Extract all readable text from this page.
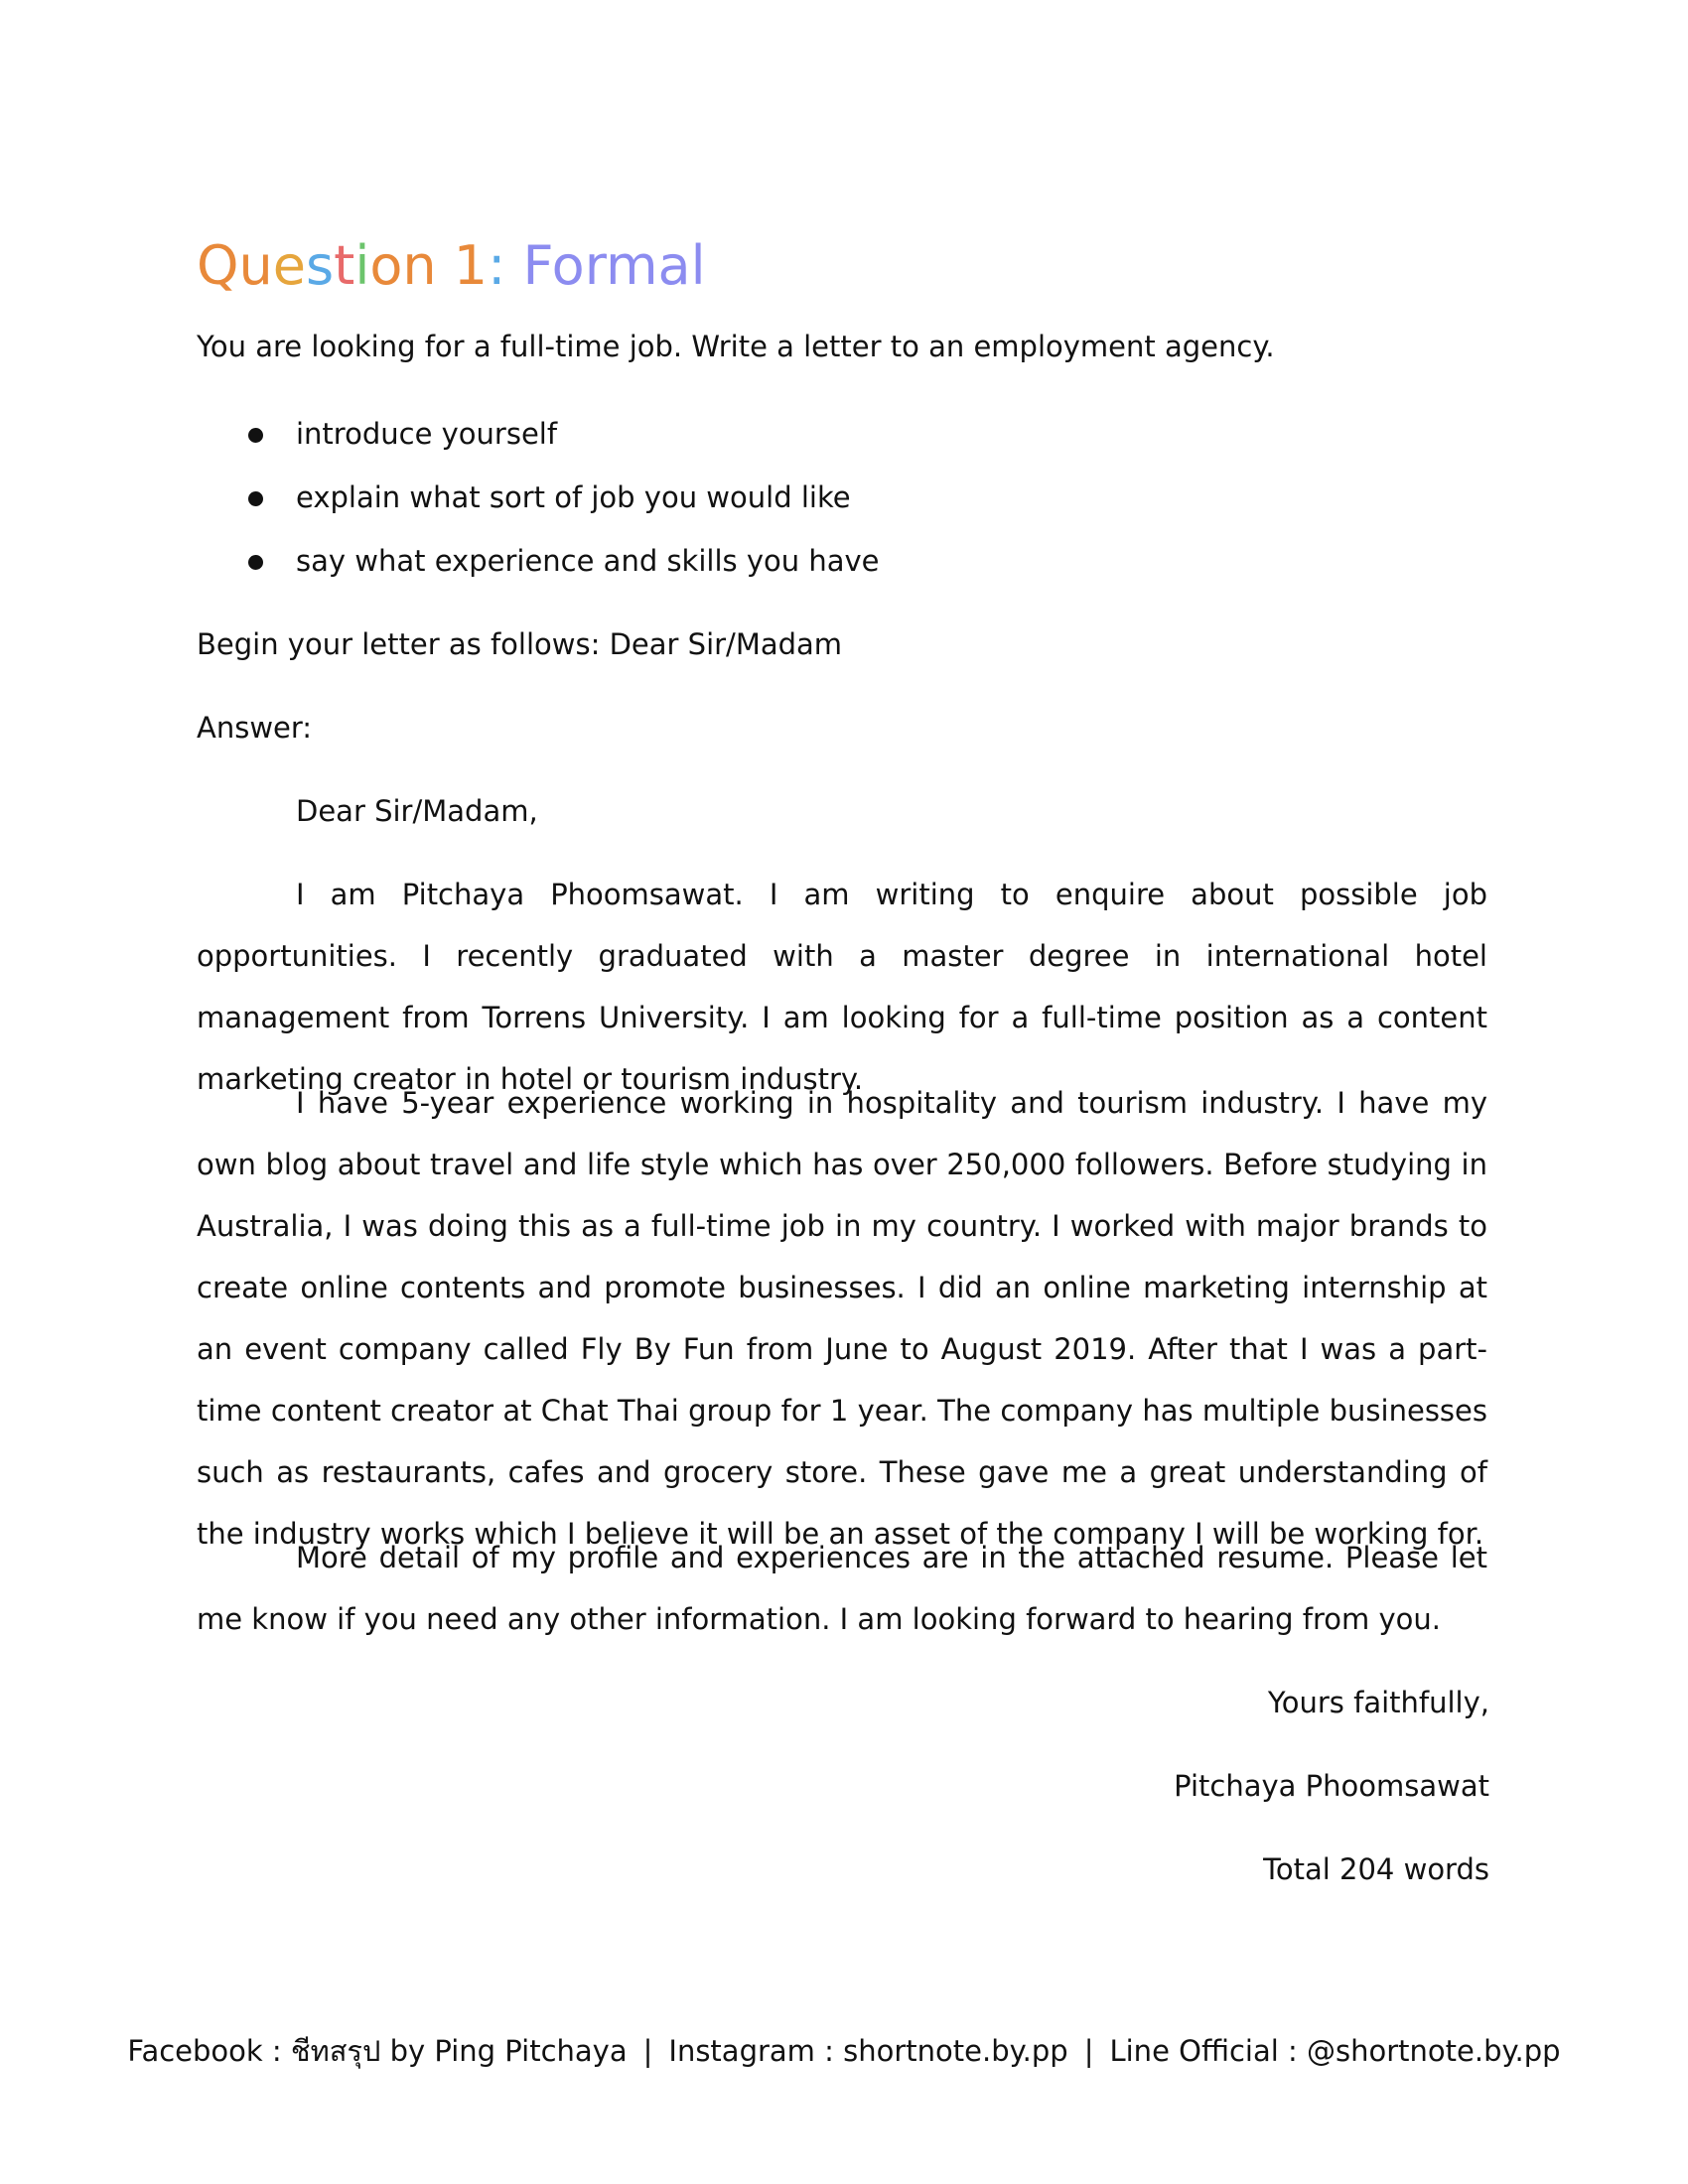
Question 1: Formal
You are looking for a full-time job. Write a letter to an employment agency.
introduce yourself
explain what sort of job you would like
say what experience and skills you have
Begin your letter as follows: Dear Sir/Madam
Answer:
Dear Sir/Madam,

I am Pitchaya Phoomsawat. I am writing to enquire about possible job opportunities. I recently graduated with a master degree in international hotel management from Torrens University. I am looking for a full-time position as a content marketing creator in hotel or tourism industry.

I have 5-year experience working in hospitality and tourism industry. I have my own blog about travel and life style which has over 250,000 followers. Before studying in Australia, I was doing this as a full-time job in my country. I worked with major brands to create online contents and promote businesses. I did an online marketing internship at an event company called Fly By Fun from June to August 2019. After that I was a part-time content creator at Chat Thai group for 1 year. The company has multiple businesses such as restaurants, cafes and grocery store. These gave me a great understanding of the industry works which I believe it will be an asset of the company I will be working for.

More detail of my profile and experiences are in the attached resume. Please let me know if you need any other information. I am looking forward to hearing from you.

Yours faithfully,
Pitchaya Phoomsawat
Total 204 words
Facebook : ชีทสรุป by Ping Pitchaya | Instagram : shortnote.by.pp | Line Official : @shortnote.by.pp
